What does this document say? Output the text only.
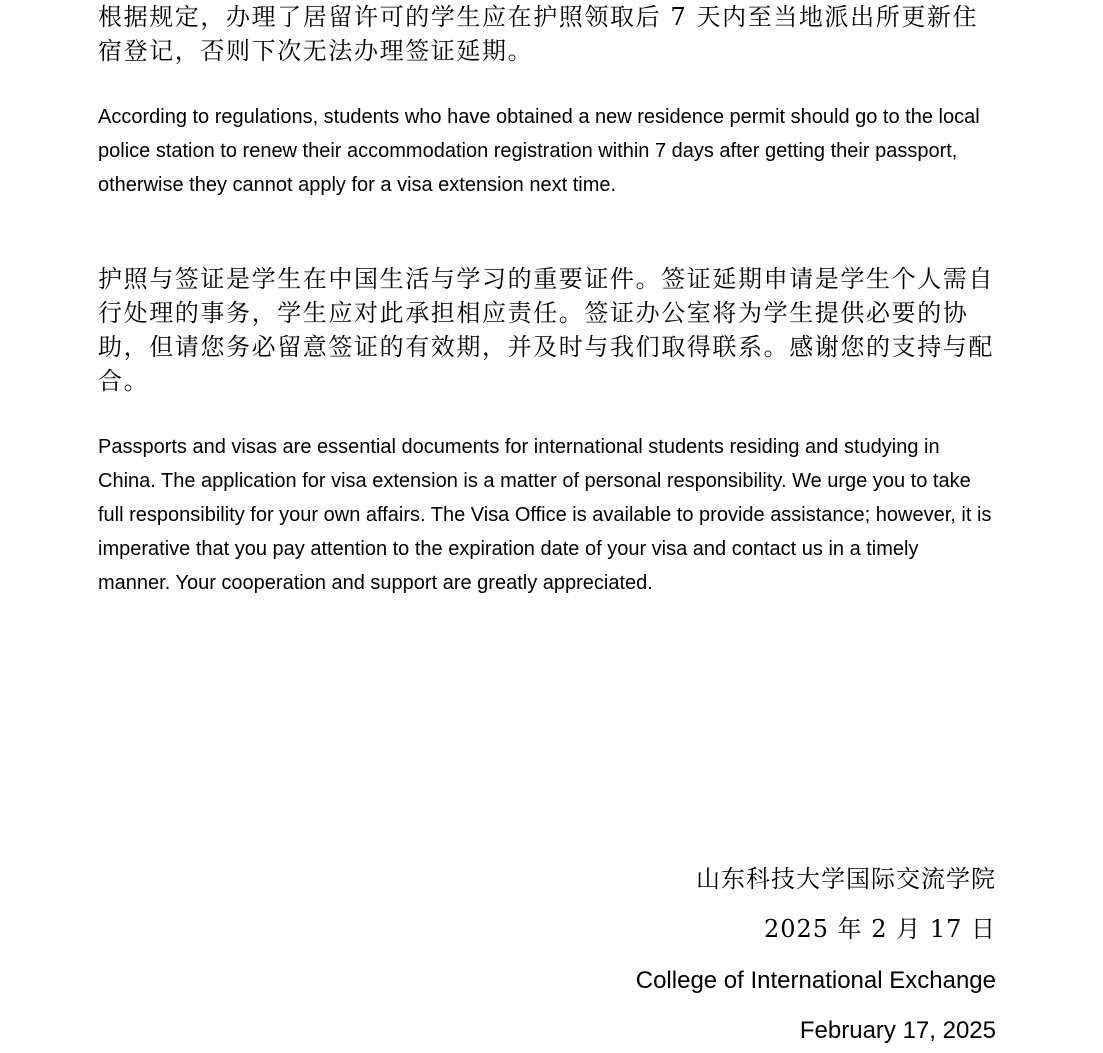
根据规定，办理了居留许可的学生应在护照领取后 7 天内至当地派出所更新住宿登记，否则下次无法办理签证延期。

According to regulations, students who have obtained a new residence permit should go to the local police station to renew their accommodation registration within 7 days after getting their passport, otherwise they cannot apply for a visa extension next time.

护照与签证是学生在中国生活与学习的重要证件。签证延期申请是学生个人需自行处理的事务，学生应对此承担相应责任。签证办公室将为学生提供必要的协助，但请您务必留意签证的有效期，并及时与我们取得联系。感谢您的支持与配合。

Passports and visas are essential documents for international students residing and studying in China. The application for visa extension is a matter of personal responsibility. We urge you to take full responsibility for your own affairs. The Visa Office is available to provide assistance; however, it is imperative that you pay attention to the expiration date of your visa and contact us in a timely manner. Your cooperation and support are greatly appreciated.

山东科技大学国际交流学院

2025 年 2 月 17 日

College of International Exchange

February 17, 2025
